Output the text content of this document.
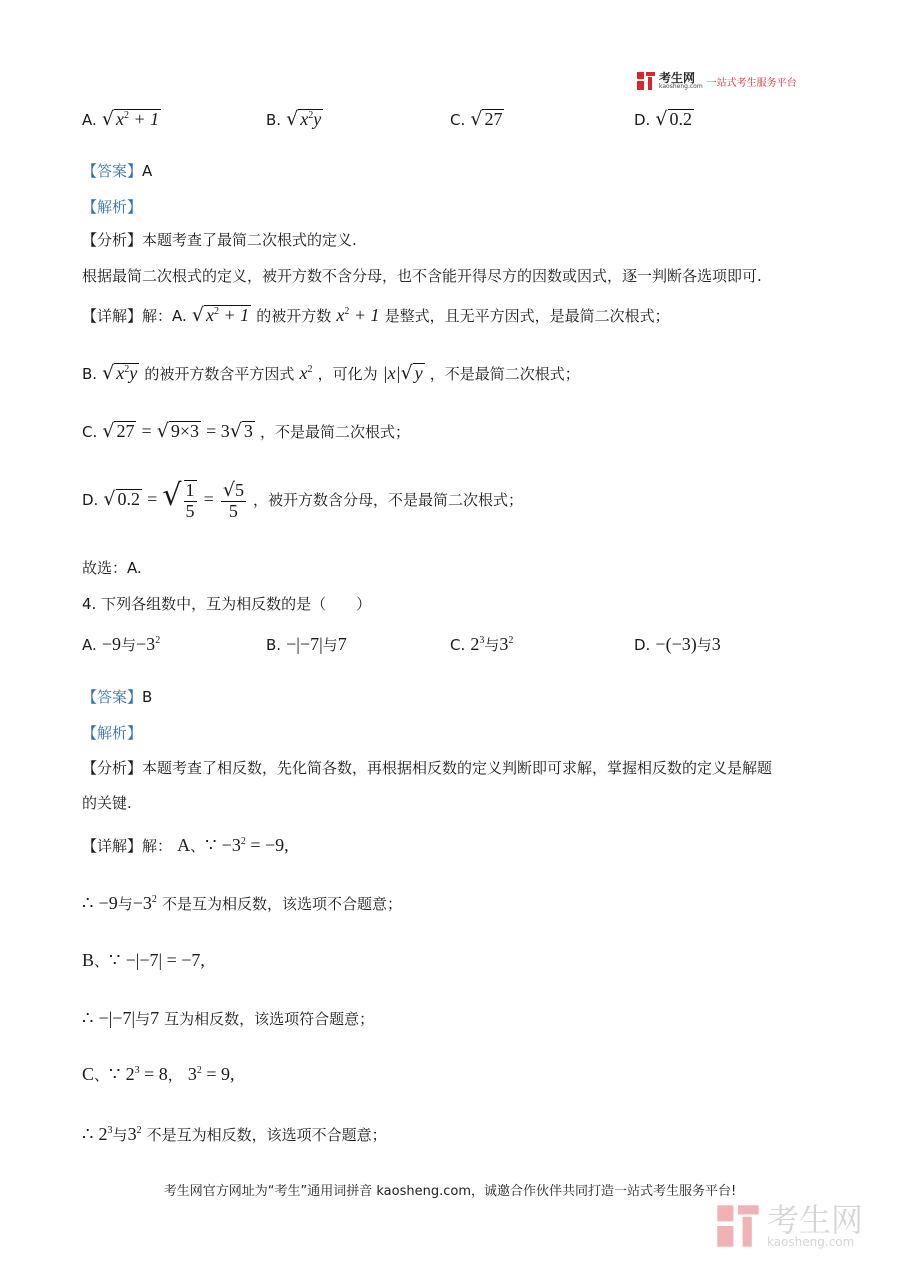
考生网
kaosheng.com 一站式考生服务平台
A. √ $x^2 + 1$	B. √ $x^2y$	C. √ 27	D. √ 0.2
【答案】A
【解析】
【分析】本题考查了最简二次根式的定义.
根据最简二次根式的定义，被开方数不含分母，也不含能开得尽方的因数或因式，逐一判断各选项即可.
【详解】解：A. √ $x^2 + 1$ 的被开方数 $x^2 + 1$ 是整式，且无平方因式，是最简二次根式；
B. √ $x^2y$ 的被开方数含平方因式 $x^2$ ，可化为 |x|√ y ，不是最简二次根式；
C. √ 27 = √ 9×3 = 3√ 3 ，不是最简二次根式；
D. √ 0.2 = √ $\frac{1}{5} = \frac{√5}{5}$ ，被开方数含分母，不是最简二次根式；
故选：A.
4. 下列各组数中，互为相反数的是（　　）
A. −9与$-3^2$	B. −|−7|与7	C. $2^3$与$3^2$	D. −(−3)与3
【答案】B
【解析】
【分析】本题考查了相反数，先化简各数，再根据相反数的定义判断即可求解，掌握相反数的定义是解题
的关键.
【详解】解： A、∵ $-3^2 = -9$,
∴ −9与$-3^2$ 不是互为相反数，该选项不合题意；
B、∵ −|−7| = −7,
∴ −|−7|与7 互为相反数，该选项符合题意；
C、∵ $2^3 = 8$， $3^2 = 9$,
∴ $2^3$与$3^2$ 不是互为相反数，该选项不合题意；
考生网官方网址为“考生”通用词拼音 kaosheng.com，诚邀合作伙伴共同打造一站式考生服务平台!
考生网
kaosheng.com
